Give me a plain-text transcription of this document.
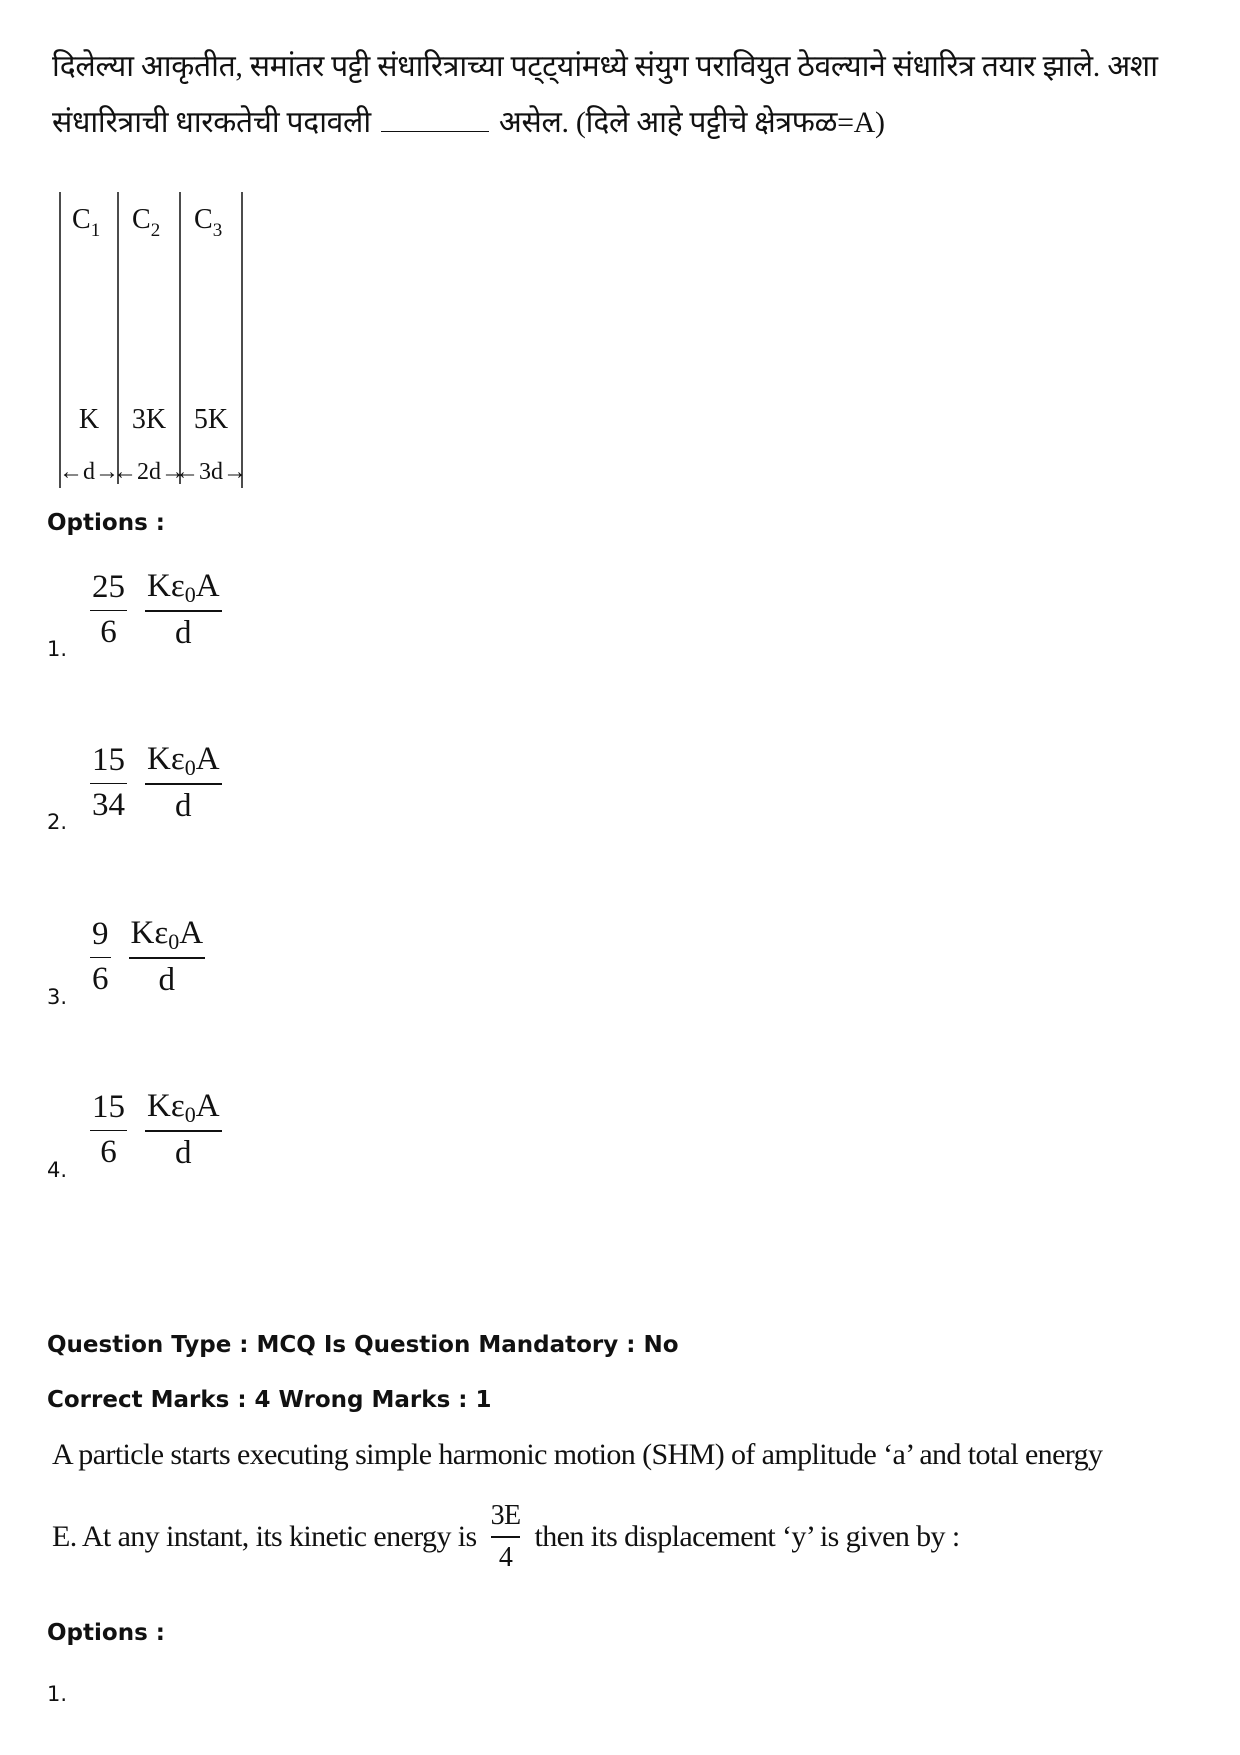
दिलेल्या आकृतीत, समांतर पट्टी संधारित्राच्या पट्ट्यांमध्ये संयुग परावियुत ठेवल्याने संधारित्र तयार झाले. अशा
संधारित्राची धारकतेची पदावली	असेल. (दिले आहे पट्टीचे क्षेत्रफळ=A)
$C_1$ $C_2$ $C_3$
K 3K 5K
←d→
←2d→
←3d→
Options :
25
6
$K\varepsilon_0A$
d
1.
15
34
$K\varepsilon_0A$
d
2.
9
6
$K\varepsilon_0A$
d
3.
15
6
$K\varepsilon_0A$
d
4.
Question Type : MCQ Is Question Mandatory : No
Correct Marks : 4 Wrong Marks : 1
A particle starts executing simple harmonic motion (SHM) of amplitude ‘a’ and total energy
E. At any instant, its kinetic energy is $\frac{3E}{4}$ then its displacement ‘y’ is given by :
Options :
1.
